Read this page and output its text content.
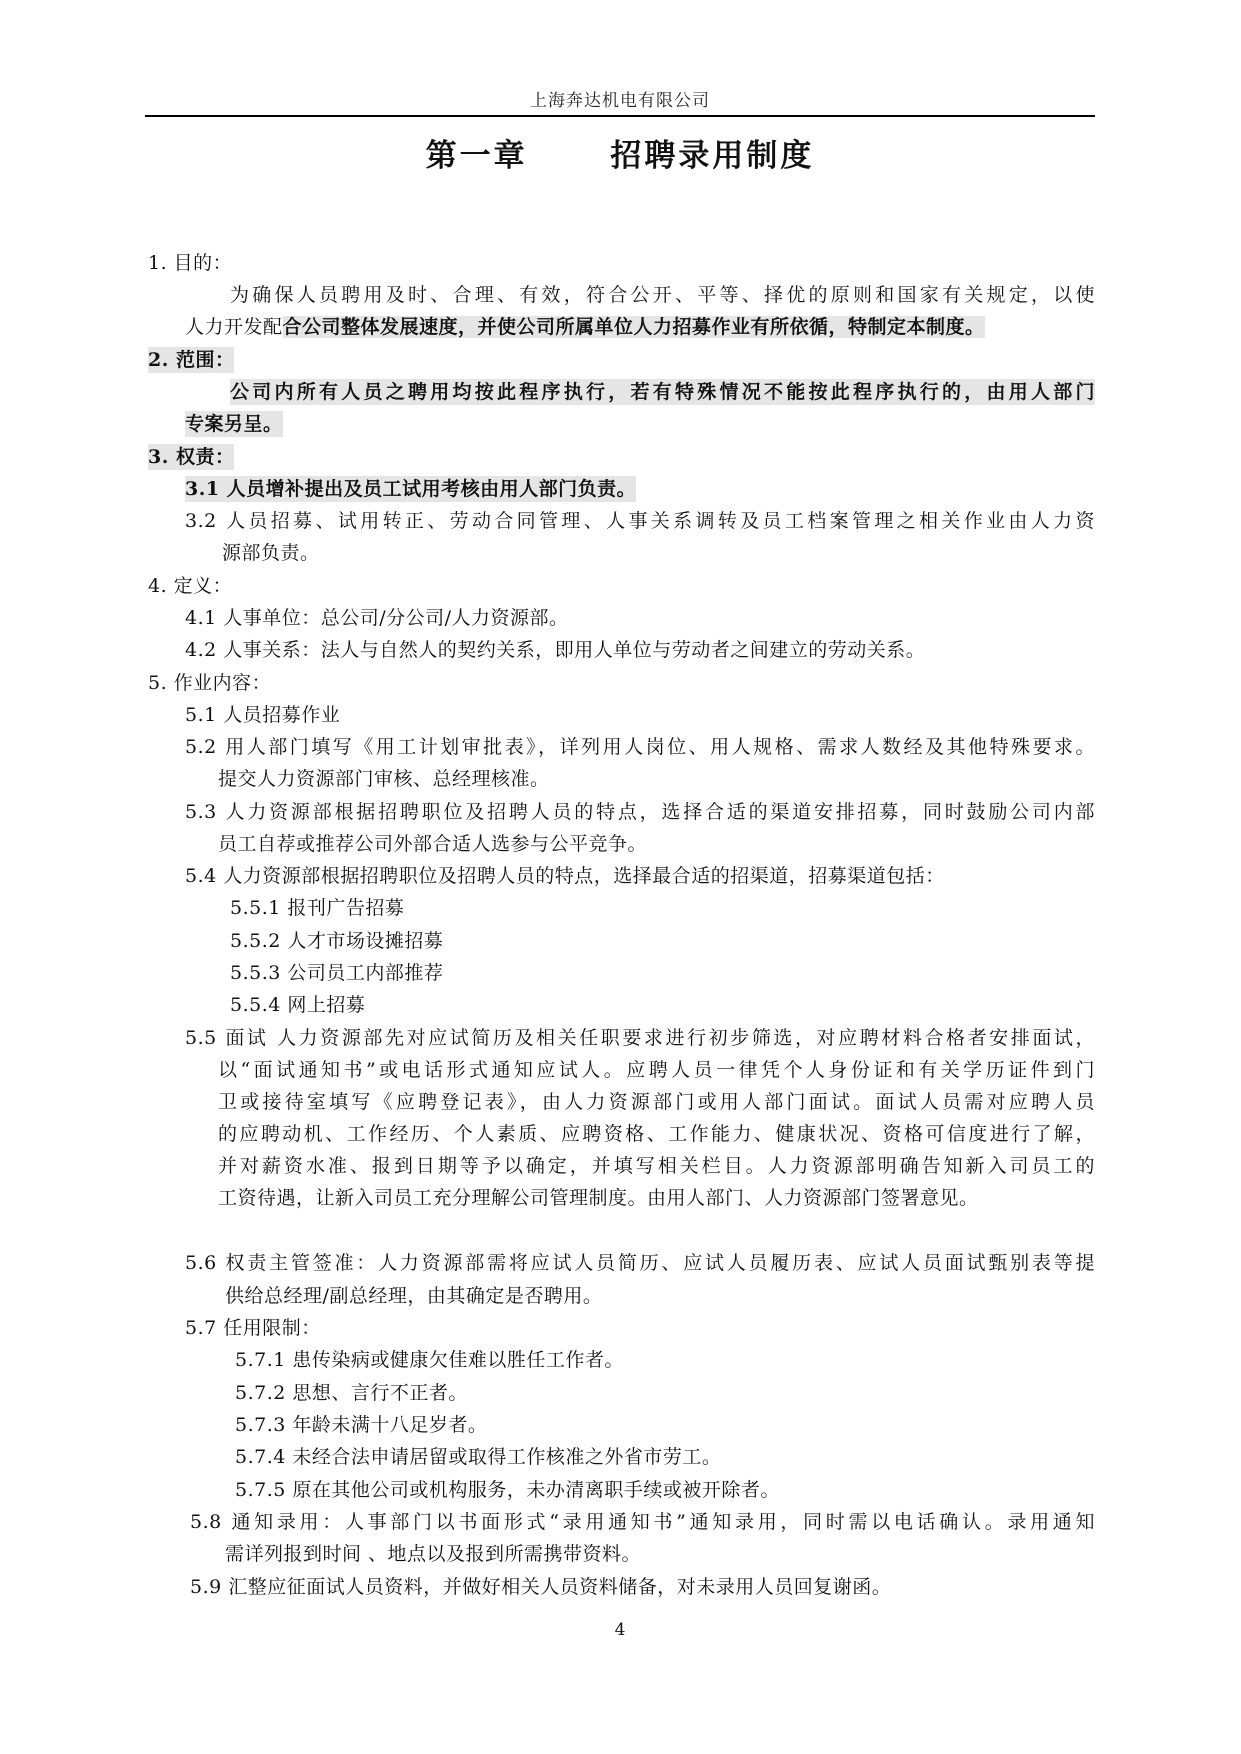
上海奔达机电有限公司
第一章      招聘录用制度
1. 目的：
为确保人员聘用及时、合理、有效，符合公开、平等、择优的原则和国家有关规定，以使
人力开发配合公司整体发展速度，并使公司所属单位人力招募作业有所依循，特制定本制度。
2. 范围：
公司内所有人员之聘用均按此程序执行，若有特殊情况不能按此程序执行的，由用人部门
专案另呈。
3. 权责：
3.1 人员增补提出及员工试用考核由用人部门负责。
3.2 人员招募、试用转正、劳动合同管理、人事关系调转及员工档案管理之相关作业由人力资
源部负责。
4. 定义：
4.1 人事单位：总公司/分公司/人力资源部。
4.2 人事关系：法人与自然人的契约关系，即用人单位与劳动者之间建立的劳动关系。
5. 作业内容：
5.1 人员招募作业
5.2 用人部门填写《用工计划审批表》，详列用人岗位、用人规格、需求人数经及其他特殊要求。
提交人力资源部门审核、总经理核准。
5.3 人力资源部根据招聘职位及招聘人员的特点，选择合适的渠道安排招募，同时鼓励公司内部
员工自荐或推荐公司外部合适人选参与公平竞争。
5.4 人力资源部根据招聘职位及招聘人员的特点，选择最合适的招渠道，招募渠道包括：
5.5.1 报刊广告招募
5.5.2 人才市场设摊招募
5.5.3 公司员工内部推荐
5.5.4 网上招募
5.5 面试 人力资源部先对应试简历及相关任职要求进行初步筛选，对应聘材料合格者安排面试，
以“面试通知书”或电话形式通知应试人。应聘人员一律凭个人身份证和有关学历证件到门
卫或接待室填写《应聘登记表》，由人力资源部门或用人部门面试。面试人员需对应聘人员
的应聘动机、工作经历、个人素质、应聘资格、工作能力、健康状况、资格可信度进行了解，
并对薪资水准、报到日期等予以确定，并填写相关栏目。人力资源部明确告知新入司员工的
工资待遇，让新入司员工充分理解公司管理制度。由用人部门、人力资源部门签署意见。
5.6 权责主管签准：人力资源部需将应试人员简历、应试人员履历表、应试人员面试甄别表等提
供给总经理/副总经理，由其确定是否聘用。
5.7 任用限制：
5.7.1 患传染病或健康欠佳难以胜任工作者。
5.7.2 思想、言行不正者。
5.7.3 年龄未满十八足岁者。
5.7.4 未经合法申请居留或取得工作核准之外省市劳工。
5.7.5 原在其他公司或机构服务，未办清离职手续或被开除者。
5.8 通知录用：人事部门以书面形式“录用通知书”通知录用，同时需以电话确认。录用通知
需详列报到时间 、地点以及报到所需携带资料。
5.9 汇整应征面试人员资料，并做好相关人员资料储备，对未录用人员回复谢函。
4
